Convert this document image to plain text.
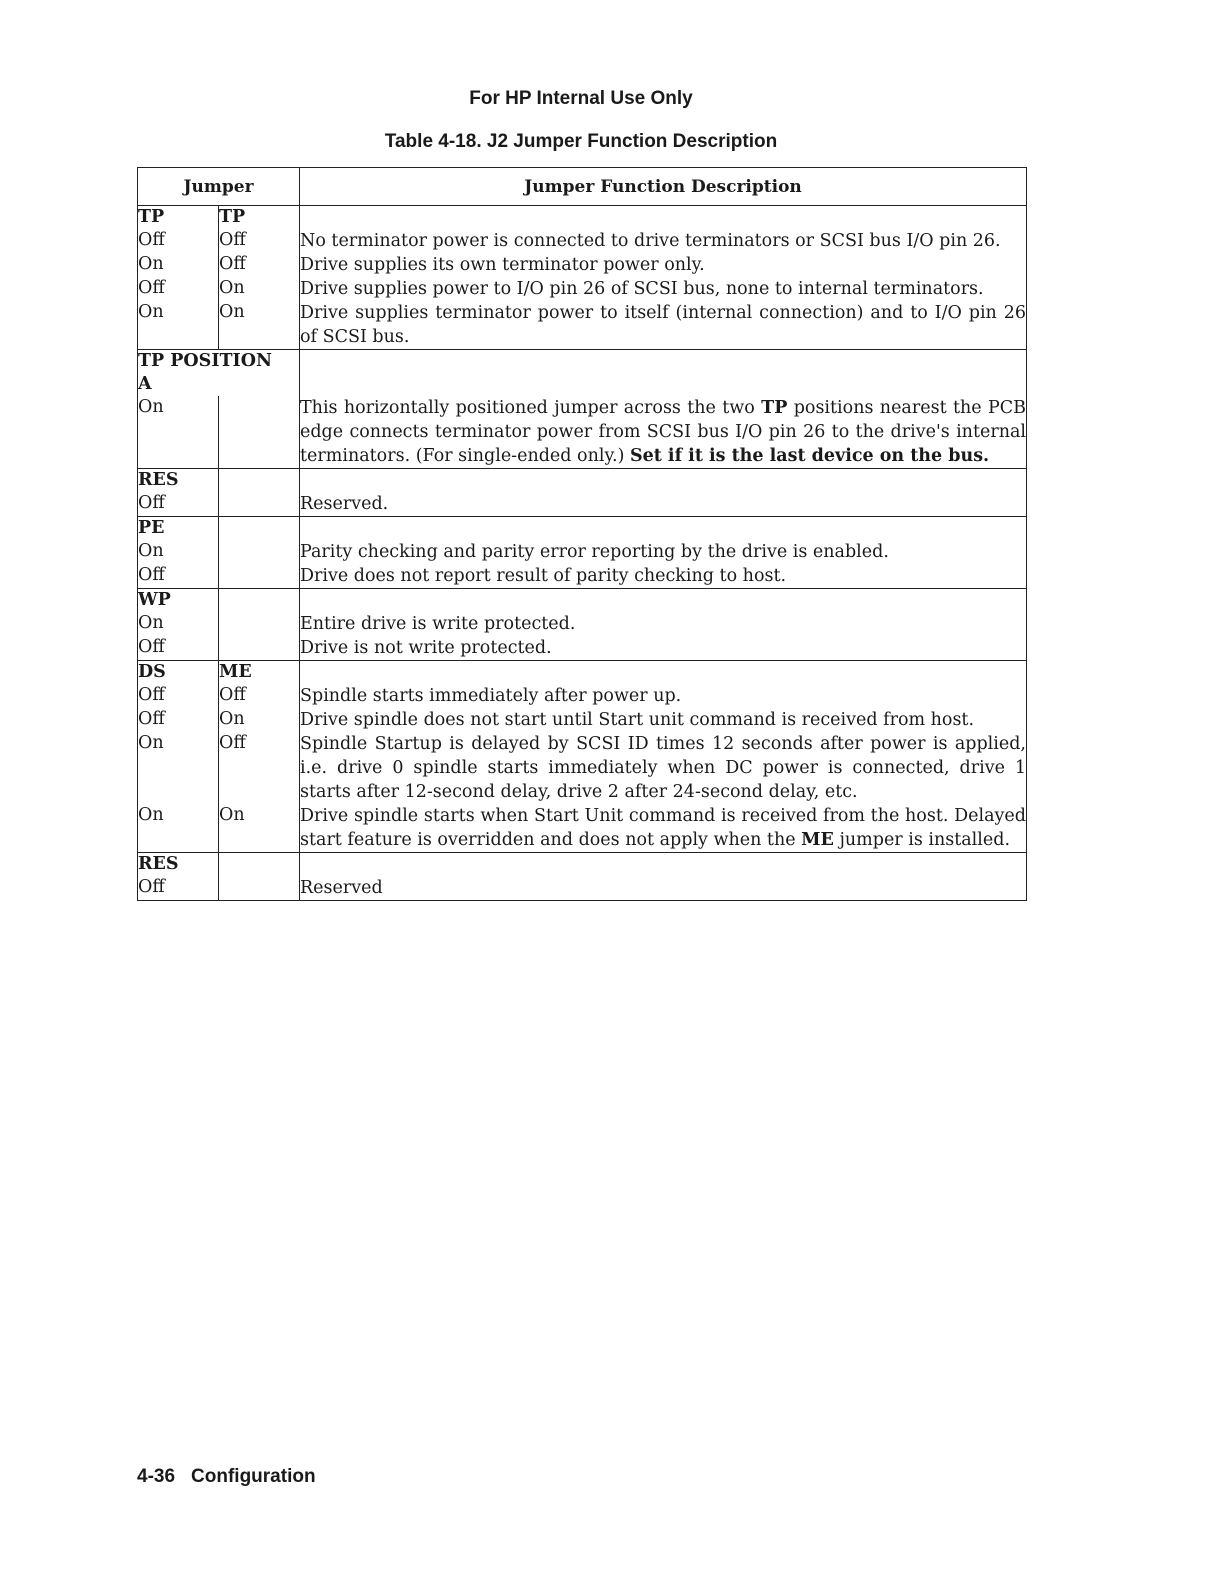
For HP Internal Use Only
Table 4-18. J2 Jumper Function Description
Jumper		Jumper Function Description
TP	TP	
Off	Off	No terminator power is connected to drive terminators or SCSI bus I/O pin 26.
On	Off	Drive supplies its own terminator power only.
Off	On	Drive supplies power to I/O pin 26 of SCSI bus, none to internal terminators.
On	On	Drive supplies terminator power to itself (internal connection) and to I/O pin 26 of SCSI bus.
TP POSITION A		
On		This horizontally positioned jumper across the two TP positions nearest the PCB edge connects terminator power from SCSI bus I/O pin 26 to the drive's internal terminators. (For single-ended only.) Set if it is the last device on the bus.
RES		
Off		Reserved.
PE		
On		Parity checking and parity error reporting by the drive is enabled.
Off		Drive does not report result of parity checking to host.
WP		
On		Entire drive is write protected.
Off		Drive is not write protected.
DS	ME	
Off	Off	Spindle starts immediately after power up.
Off	On	Drive spindle does not start until Start unit command is received from host.
On	Off	Spindle Startup is delayed by SCSI ID times 12 seconds after power is applied, i.e. drive 0 spindle starts immediately when DC power is connected, drive 1 starts after 12-second delay, drive 2 after 24-second delay, etc.
On	On	Drive spindle starts when Start Unit command is received from the host. Delayed start feature is overridden and does not apply when the ME jumper is installed.
RES		
Off		Reserved
4-36 Configuration
